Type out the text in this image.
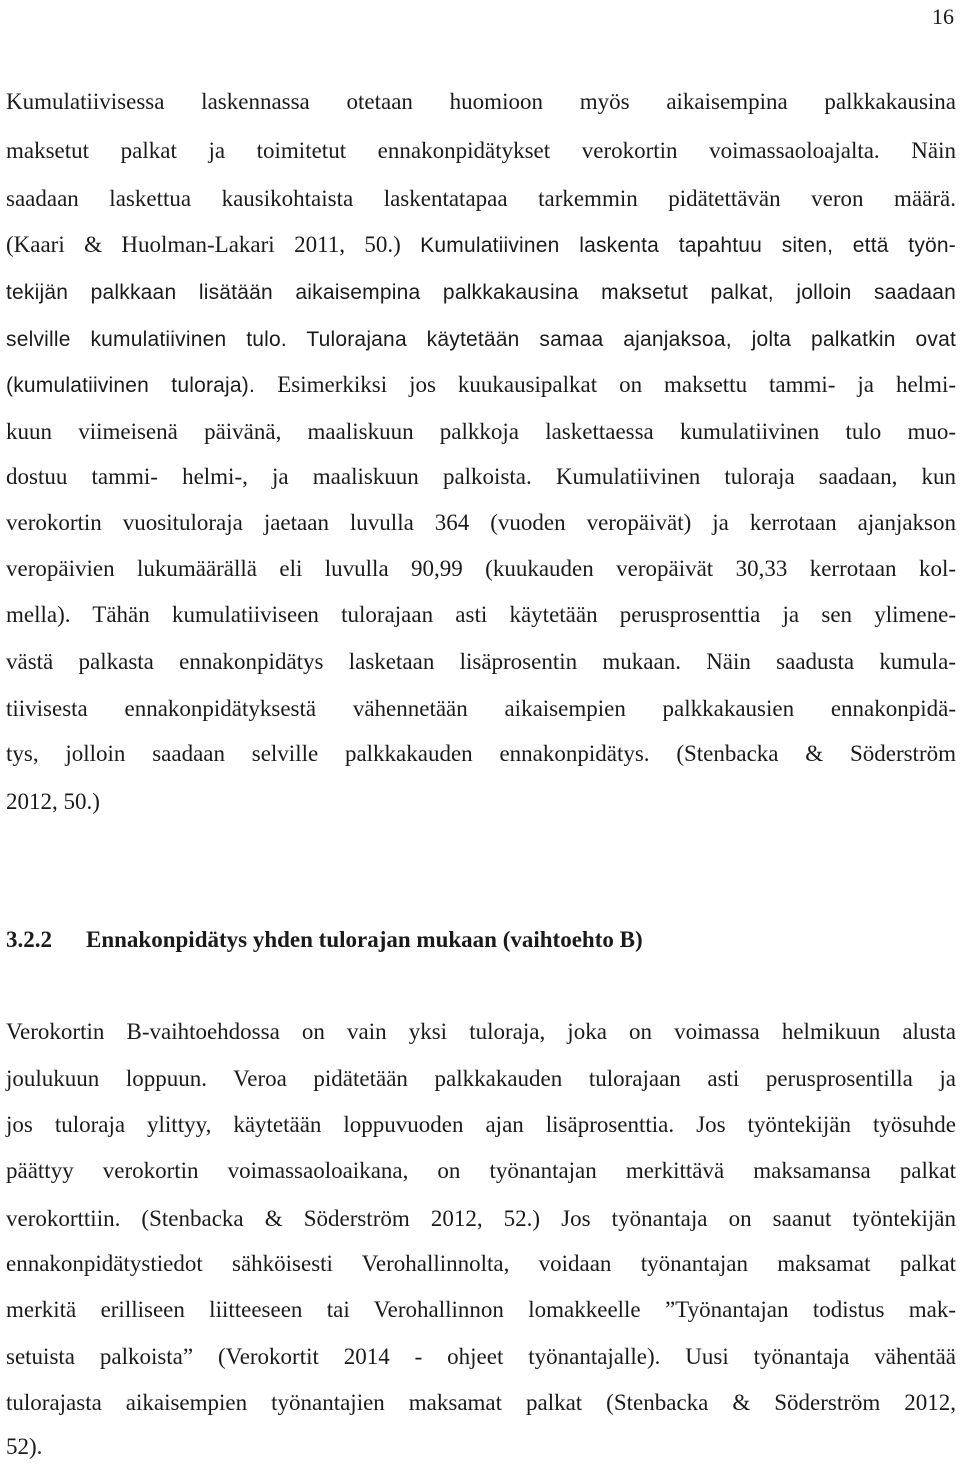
16
Kumulatiivisessa laskennassa otetaan huomioon myös aikaisempina palkkakausina
maksetut palkat ja toimitetut ennakonpidätykset verokortin voimassaoloajalta. Näin
saadaan laskettua kausikohtaista laskentatapaa tarkemmin pidätettävän veron määrä.
(Kaari & Huolman-Lakari 2011, 50.) Kumulatiivinen laskenta tapahtuu siten, että työn-
tekijän palkkaan lisätään aikaisempina palkkakausina maksetut palkat, jolloin saadaan
selville kumulatiivinen tulo. Tulorajana käytetään samaa ajanjaksoa, jolta palkatkin ovat
(kumulatiivinen tuloraja). Esimerkiksi jos kuukausipalkat on maksettu tammi- ja helmi-
kuun viimeisenä päivänä, maaliskuun palkkoja laskettaessa kumulatiivinen tulo muo-
dostuu tammi- helmi-, ja maaliskuun palkoista. Kumulatiivinen tuloraja saadaan, kun
verokortin vuosituloraja jaetaan luvulla 364 (vuoden veropäivät) ja kerrotaan ajanjakson
veropäivien lukumäärällä eli luvulla 90,99 (kuukauden veropäivät 30,33 kerrotaan kol-
mella). Tähän kumulatiiviseen tulorajaan asti käytetään perusprosenttia ja sen ylimene-
västä palkasta ennakonpidätys lasketaan lisäprosentin mukaan. Näin saadusta kumula-
tiivisesta ennakonpidätyksestä vähennetään aikaisempien palkkakausien ennakonpidä-
tys, jolloin saadaan selville palkkakauden ennakonpidätys. (Stenbacka & Söderström
2012, 50.)
3.2.2 Ennakonpidätys yhden tulorajan mukaan (vaihtoehto B)
Verokortin B-vaihtoehdossa on vain yksi tuloraja, joka on voimassa helmikuun alusta
joulukuun loppuun. Veroa pidätetään palkkakauden tulorajaan asti perusprosentilla ja
jos tuloraja ylittyy, käytetään loppuvuoden ajan lisäprosenttia. Jos työntekijän työsuhde
päättyy verokortin voimassaoloaikana, on työnantajan merkittävä maksamansa palkat
verokorttiin. (Stenbacka & Söderström 2012, 52.) Jos työnantaja on saanut työntekijän
ennakonpidätystiedot sähköisesti Verohallinnolta, voidaan työnantajan maksamat palkat
merkitä erilliseen liitteeseen tai Verohallinnon lomakkeelle ”Työnantajan todistus mak-
setuista palkoista” (Verokortit 2014 - ohjeet työnantajalle). Uusi työnantaja vähentää
tulorajasta aikaisempien työnantajien maksamat palkat (Stenbacka & Söderström 2012,
52).
